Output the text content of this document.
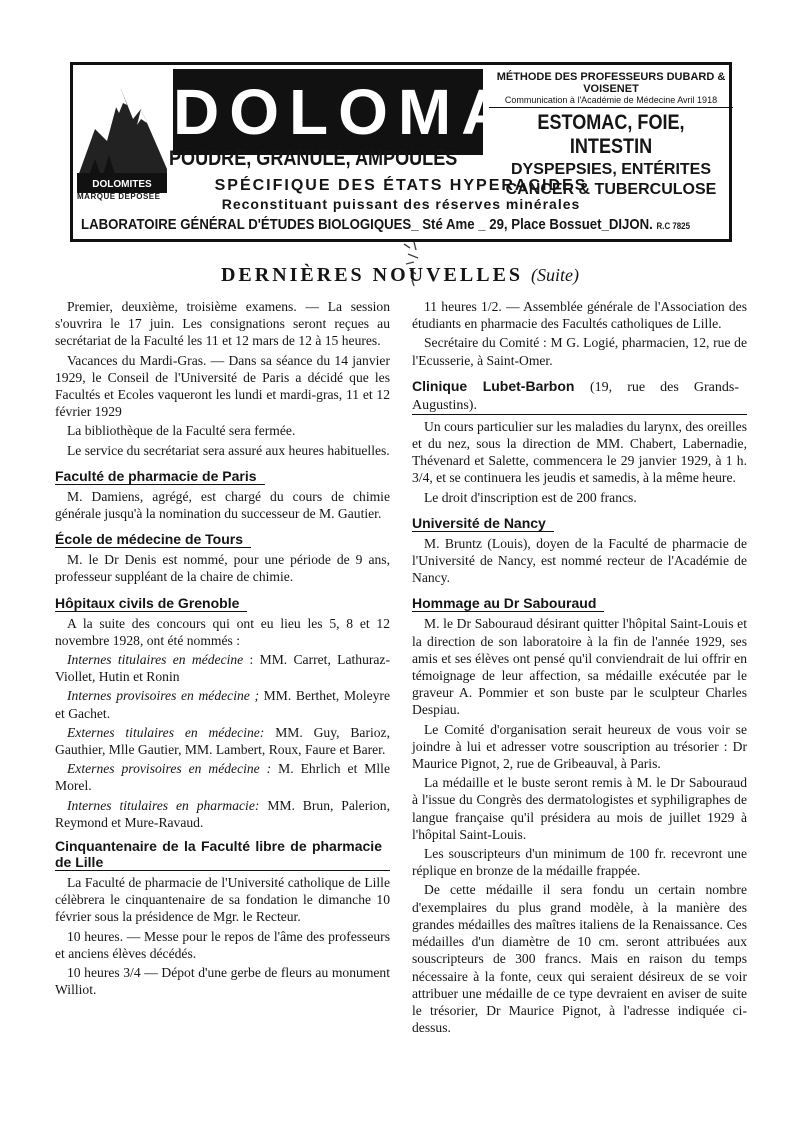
DOLOMITES
MARQUE DÉPOSÉE
DOLOMA
POUDRE, GRANULÉ, AMPOULES
MÉTHODE DES PROFESSEURS DUBARD & VOISENET
Communication à l'Académie de Médecine Avril 1918
ESTOMAC, FOIE, INTESTIN
DYSPEPSIES, ENTÉRITES
CANCER & TUBERCULOSE
SPÉCIFIQUE DES ÉTATS HYPERACIDES
Reconstituant puissant des réserves minérales
LABORATOIRE GÉNÉRAL D'ÉTUDES BIOLOGIQUES_ Sté Ame _ 29, Place Bossuet_DIJON. R.C 7825
DERNIÈRES NOUVELLES (Suite)

Premier, deuxième, troisième examens. — La session s'ouvrira le 17 juin. Les consignations seront reçues au secrétariat de la Faculté les 11 et 12 mars de 12 à 15 heures.

Vacances du Mardi-Gras. — Dans sa séance du 14 janvier 1929, le Conseil de l'Université de Paris a décidé que les Facultés et Ecoles vaqueront les lundi et mardi-gras, 11 et 12 février 1929

La bibliothèque de la Faculté sera fermée.

Le service du secrétariat sera assuré aux heures habituelles.

Faculté de pharmacie de Paris

M. Damiens, agrégé, est chargé du cours de chimie générale jusqu'à la nomination du successeur de M. Gautier.

École de médecine de Tours

M. le Dr Denis est nommé, pour une période de 9 ans, professeur suppléant de la chaire de chimie.

Hôpitaux civils de Grenoble

A la suite des concours qui ont eu lieu les 5, 8 et 12 novembre 1928, ont été nommés :

Internes titulaires en médecine : MM. Carret, Lathuraz-Viollet, Hutin et Ronin

Internes provisoires en médecine ; MM. Berthet, Moleyre et Gachet.

Externes titulaires en médecine: MM. Guy, Barioz, Gauthier, Mlle Gautier, MM. Lambert, Roux, Faure et Barer.

Externes provisoires en médecine : M. Ehrlich et Mlle Morel.

Internes titulaires en pharmacie: MM. Brun, Palerion, Reymond et Mure-Ravaud.

Cinquantenaire de la Faculté libre de pharmacie de Lille

La Faculté de pharmacie de l'Université catholique de Lille célèbrera le cinquantenaire de sa fondation le dimanche 10 février sous la présidence de Mgr. le Recteur.

10 heures. — Messe pour le repos de l'âme des professeurs et anciens élèves décédés.

10 heures 3/4 — Dépot d'une gerbe de fleurs au monument Williot.

11 heures 1/2. — Assemblée générale de l'Association des étudiants en pharmacie des Facultés catholiques de Lille.

Secrétaire du Comité : M G. Logié, pharmacien, 12, rue de l'Ecusserie, à Saint-Omer.

Clinique Lubet-Barbon (19, rue des Grands-Augustins).

Un cours particulier sur les maladies du larynx, des oreilles et du nez, sous la direction de MM. Chabert, Labernadie, Thévenard et Salette, commencera le 29 janvier 1929, à 1 h. 3/4, et se continuera les jeudis et samedis, à la même heure.

Le droit d'inscription est de 200 francs.

Université de Nancy

M. Bruntz (Louis), doyen de la Faculté de pharmacie de l'Université de Nancy, est nommé recteur de l'Académie de Nancy.

Hommage au Dr Sabouraud

M. le Dr Sabouraud désirant quitter l'hôpital Saint-Louis et la direction de son laboratoire à la fin de l'année 1929, ses amis et ses élèves ont pensé qu'il conviendrait de lui offrir en témoignage de leur affection, sa médaille exécutée par le graveur A. Pommier et son buste par le sculpteur Charles Despiau.

Le Comité d'organisation serait heureux de vous voir se joindre à lui et adresser votre souscription au trésorier : Dr Maurice Pignot, 2, rue de Gribeauval, à Paris.

La médaille et le buste seront remis à M. le Dr Sabouraud à l'issue du Congrès des dermatologistes et syphiligraphes de langue française qu'il présidera au mois de juillet 1929 à l'hôpital Saint-Louis.

Les souscripteurs d'un minimum de 100 fr. recevront une réplique en bronze de la médaille frappée.

De cette médaille il sera fondu un certain nombre d'exemplaires du plus grand modèle, à la manière des grandes médailles des maîtres italiens de la Renaissance. Ces médailles d'un diamètre de 10 cm. seront attribuées aux souscripteurs de 300 francs. Mais en raison du temps nécessaire à la fonte, ceux qui seraient désireux de se voir attribuer une médaille de ce type devraient en aviser de suite le trésorier, Dr Maurice Pignot, à l'adresse indiquée ci-dessus.
